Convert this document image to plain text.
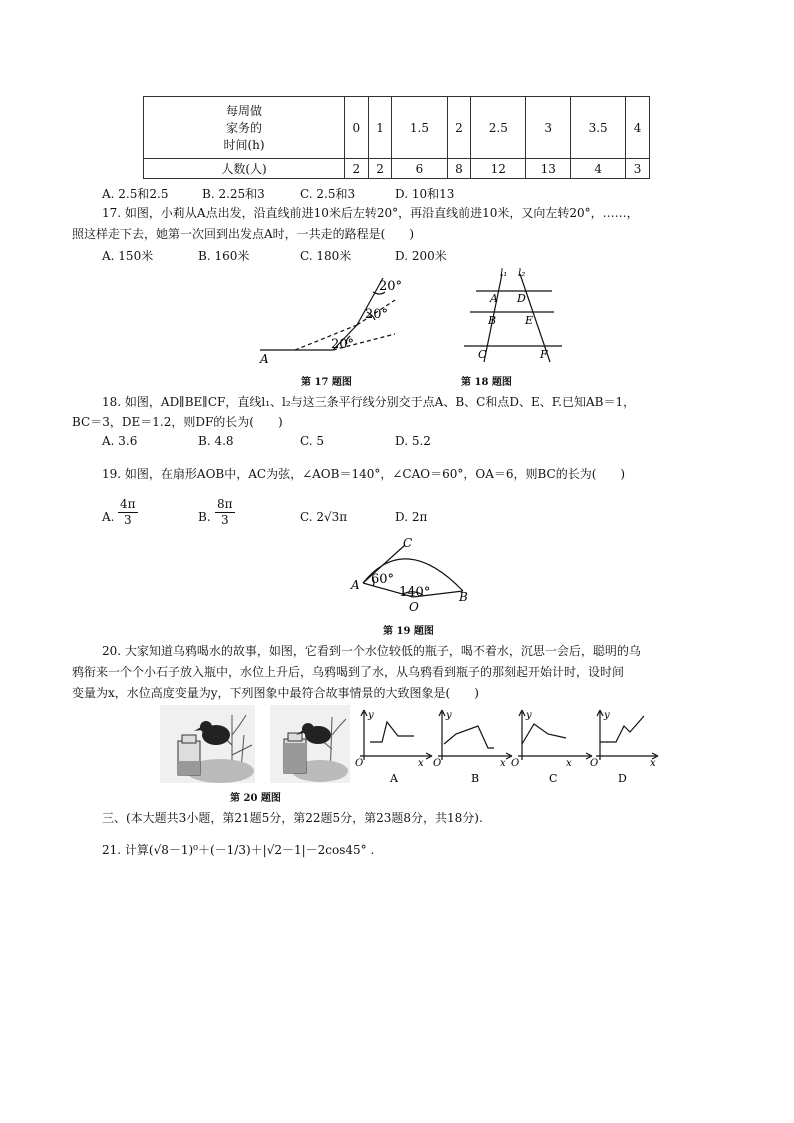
每周做
家务的
时间(h)	0	1	1.5	2	2.5	3	3.5	4
人数(人)	2	2	6	8	12	13	4	3
A. 2.5和2.5	B. 2.25和3	C. 2.5和3	D. 10和13
17. 如图，小莉从A点出发，沿直线前进10米后左转20°，再沿直线前进10米，又向左转20°，……，
照这样走下去，她第一次回到出发点A时，一共走的路程是(　　)
A. 150米	B. 160米	C. 180米	D. 200米
A
20°
20°
20°
l₁ l₂
A D
B	E
C	F
第 17 题图	第 18 题图
18. 如图，AD∥BE∥CF，直线l₁、l₂与这三条平行线分别交于点A、B、C和点D、E、F.已知AB＝1，
BC＝3，DE＝1.2，则DF的长为(　　)
A. 3.6	B. 4.8	C. 5	D. 5.2
19. 如图，在扇形AOB中，AC为弦，∠AOB＝140°，∠CAO＝60°，OA＝6，则BC的长为(　　)
A. $\frac{4\pi}{3}$	B. $\frac{8\pi}{3}$	C. 2√3π	D. 2π
C
A
O
B
60°
140°
第 19 题图
20. 大家知道乌鸦喝水的故事，如图，它看到一个水位较低的瓶子，喝不着水，沉思一会后，聪明的乌
鸦衔来一个个小石子放入瓶中，水位上升后，乌鸦喝到了水，从乌鸦看到瓶子的那刻起开始计时，设时间
变量为x，水位高度变量为y，下列图象中最符合故事情景的大致图象是(　　)
y
x
O
y
x
O
y
x
O
y
x
O
A	B	C	D
第 20 题图
三、(本大题共3小题，第21题5分，第22题5分，第23题8分，共18分).
21. 计算(√8－1)⁰＋(－1/3)＋|√2－1|－2cos45° .
